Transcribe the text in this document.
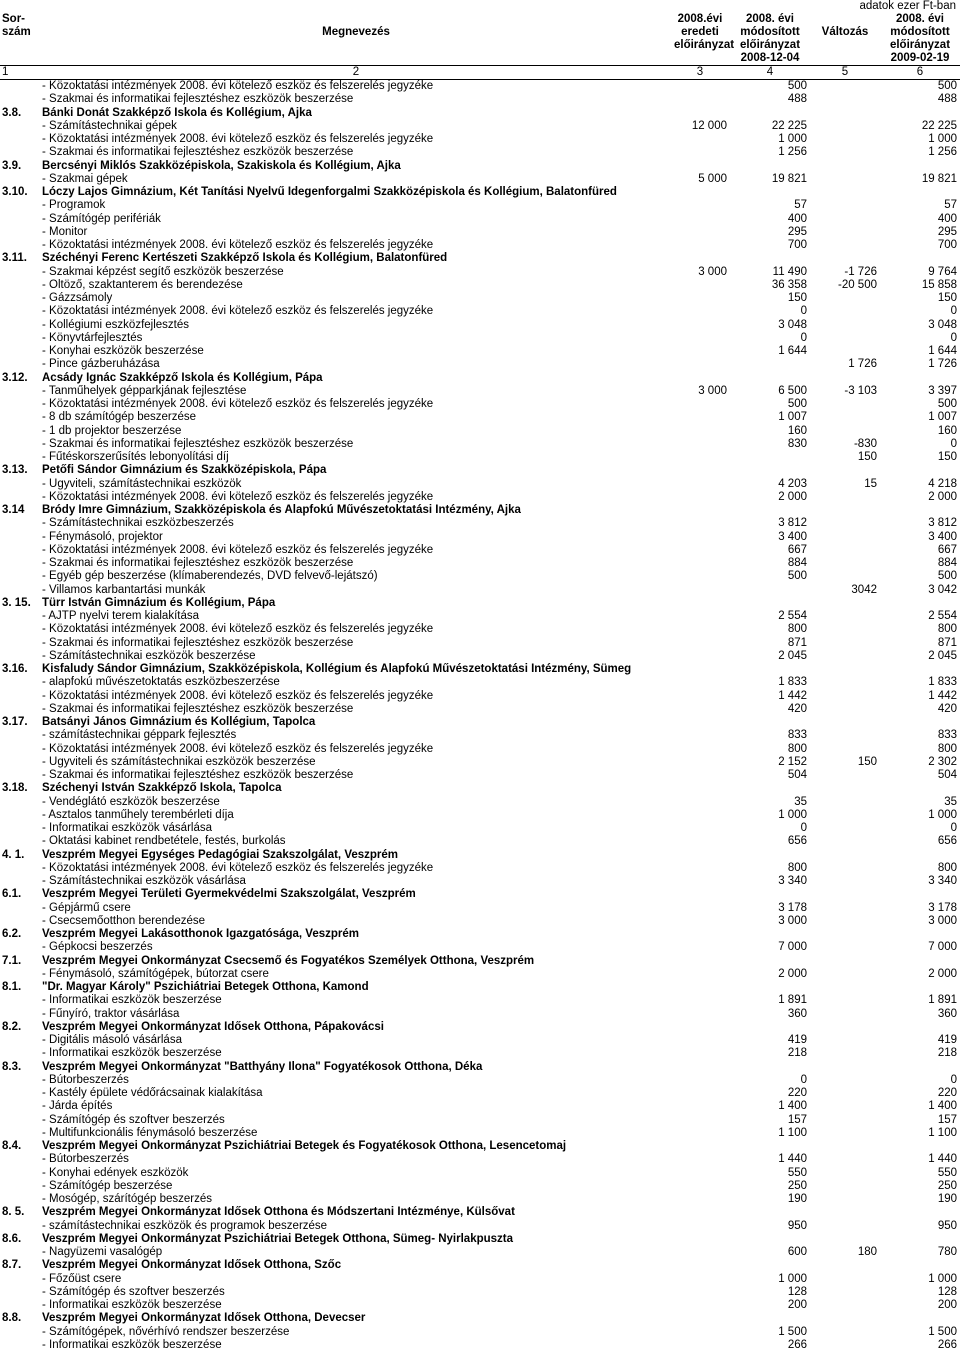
adatok ezer Ft-ban
Sor-		2008.évi	2008. évi		2008. évi
szám	Megnevezés	eredeti	módosított	Változás	módosított
		előirányzat	előirányzat		előirányzat
			2008-12-04		2009-02-19
1	2	3	4	5	6
	- Közoktatási intézmények 2008. évi kötelező eszköz és felszerelés jegyzéke		500		500
	- Szakmai és informatikai fejlesztéshez eszközök beszerzése		488		488
3.8.	Bánki Donát Szakképző Iskola és Kollégium, Ajka				
	- Számítástechnikai gépek	12 000	22 225		22 225
	- Közoktatási intézmények 2008. évi kötelező eszköz és felszerelés jegyzéke		1 000		1 000
	- Szakmai és informatikai fejlesztéshez eszközök beszerzése		1 256		1 256
3.9.	Bercsényi Miklós Szakközépiskola, Szakiskola és Kollégium, Ajka				
	- Szakmai gépek	5 000	19 821		19 821
3.10.	Lóczy Lajos Gimnázium, Két Tanítási Nyelvű Idegenforgalmi Szakközépiskola és Kollégium, Balatonfüred				
	- Programok		57		57
	- Számítógép perifériák		400		400
	- Monitor		295		295
	- Közoktatási intézmények 2008. évi kötelező eszköz és felszerelés jegyzéke		700		700
3.11.	Széchényi Ferenc Kertészeti Szakképző Iskola és Kollégium, Balatonfüred				
	- Szakmai képzést segítő eszközök beszerzése	3 000	11 490	-1 726	9 764
	- Öltöző, szaktanterem és berendezése		36 358	-20 500	15 858
	- Gázzsámoly		150		150
	- Közoktatási intézmények 2008. évi kötelező eszköz és felszerelés jegyzéke		0		0
	- Kollégiumi eszközfejlesztés		3 048		3 048
	- Könyvtárfejlesztés		0		0
	- Konyhai eszközök beszerzése		1 644		1 644
	- Pince gázberuházása			1 726	1 726
3.12.	Acsády Ignác Szakképző Iskola és Kollégium, Pápa				
	- Tanműhelyek gépparkjának fejlesztése	3 000	6 500	-3 103	3 397
	- Közoktatási intézmények 2008. évi kötelező eszköz és felszerelés jegyzéke		500		500
	- 8 db számítógép beszerzése		1 007		1 007
	- 1 db projektor beszerzése		160		160
	- Szakmai és informatikai fejlesztéshez eszközök beszerzése		830	-830	0
	- Fűtéskorszerűsítés lebonyolítási díj			150	150
3.13.	Petőfi Sándor Gimnázium és Szakközépiskola, Pápa				
	- Ügyviteli, számítástechnikai eszközök		4 203	15	4 218
	- Közoktatási intézmények 2008. évi kötelező eszköz és felszerelés jegyzéke		2 000		2 000
3.14	Bródy Imre Gimnázium, Szakközépiskola és Alapfokú Művészetoktatási Intézmény, Ajka				
	- Számítástechnikai eszközbeszerzés		3 812		3 812
	- Fénymásoló, projektor		3 400		3 400
	- Közoktatási intézmények 2008. évi kötelező eszköz és felszerelés jegyzéke		667		667
	- Szakmai és informatikai fejlesztéshez eszközök beszerzése		884		884
	- Egyéb gép beszerzése (klímaberendezés, DVD felvevő-lejátszó)		500		500
	- Villamos karbantartási munkák			3042	3 042
3. 15.	Türr István Gimnázium és Kollégium, Pápa				
	- AJTP nyelvi terem kialakítása		2 554		2 554
	- Közoktatási intézmények 2008. évi kötelező eszköz és felszerelés jegyzéke		800		800
	- Szakmai és informatikai fejlesztéshez eszközök beszerzése		871		871
	- Számítástechnikai eszközök beszerzése		2 045		2 045
3.16.	Kisfaludy Sándor Gimnázium, Szakközépiskola, Kollégium és Alapfokú Művészetoktatási Intézmény, Sümeg				
	- alapfokú művészetoktatás eszközbeszerzése		1 833		1 833
	- Közoktatási intézmények 2008. évi kötelező eszköz és felszerelés jegyzéke		1 442		1 442
	- Szakmai és informatikai fejlesztéshez eszközök beszerzése		420		420
3.17.	Batsányi János Gimnázium és Kollégium, Tapolca				
	- számítástechnikai géppark fejlesztés		833		833
	- Közoktatási intézmények 2008. évi kötelező eszköz és felszerelés jegyzéke		800		800
	- Ügyviteli és számítástechnikai eszközök beszerzése		2 152	150	2 302
	- Szakmai és informatikai fejlesztéshez eszközök beszerzése		504		504
3.18.	Széchenyi István Szakképző Iskola, Tapolca				
	- Vendéglátó eszközök beszerzése		35		35
	- Asztalos tanműhely terembérleti díja		1 000		1 000
	- Informatikai eszközök vásárlása		0		0
	- Oktatási kabinet rendbetétele, festés, burkolás		656		656
4. 1.	Veszprém Megyei Egységes Pedagógiai Szakszolgálat, Veszprém				
	- Közoktatási intézmények 2008. évi kötelező eszköz és felszerelés jegyzéke		800		800
	- Számítástechnikai eszközök vásárlása		3 340		3 340
6.1.	Veszprém Megyei Területi Gyermekvédelmi Szakszolgálat, Veszprém				
	- Gépjármű csere		3 178		3 178
	- Csecsemőotthon berendezése		3 000		3 000
6.2.	Veszprém Megyei Lakásotthonok Igazgatósága, Veszprém				
	- Gépkocsi beszerzés		7 000		7 000
7.1.	Veszprém Megyei Önkormányzat Csecsemő és Fogyatékos Személyek Otthona, Veszprém				
	- Fénymásoló, számítógépek, bútorzat csere		2 000		2 000
8.1.	"Dr. Magyar Károly" Pszichiátriai Betegek Otthona, Kamond				
	- Informatikai eszközök beszerzése		1 891		1 891
	- Fűnyíró, traktor vásárlása		360		360
8.2.	Veszprém Megyei Önkormányzat Idősek Otthona, Pápakovácsi				
	- Digitális másoló vásárlása		419		419
	- Informatikai eszközök beszerzése		218		218
8.3.	Veszprém Megyei Önkormányzat "Batthyány Ilona" Fogyatékosok Otthona, Déka				
	- Bútorbeszerzés		0		0
	- Kastély épülete védőrácsainak kialakítása		220		220
	- Járda építés		1 400		1 400
	- Számítógép és szoftver beszerzés		157		157
	- Multifunkcionális fénymásoló beszerzése		1 100		1 100
8.4.	Veszprém Megyei Önkormányzat Pszichiátriai Betegek és Fogyatékosok Otthona, Lesencetomaj				
	- Bútorbeszerzés		1 440		1 440
	- Konyhai edények eszközök		550		550
	- Számítógép beszerzése		250		250
	- Mosógép, szárítógép beszerzés		190		190
8. 5.	Veszprém Megyei Önkormányzat Idősek Otthona és Módszertani Intézménye, Külsővat				
	- számítástechnikai eszközök és programok beszerzése		950		950
8.6.	Veszprém Megyei Önkormányzat Pszichiátriai Betegek Otthona, Sümeg- Nyirlakpuszta				
	- Nagyüzemi vasalógép		600	180	780
8.7.	Veszprém Megyei Önkormányzat Idősek Otthona, Szőc				
	- Főzőüst csere		1 000		1 000
	- Számítógép és szoftver beszerzés		128		128
	- Informatikai eszközök beszerzése		200		200
8.8.	Veszprém Megyei Önkormányzat Idősek Otthona, Devecser				
	- Számítógépek, nővérhívó rendszer beszerzése		1 500		1 500
	- Informatikai eszközök beszerzése		266		266
